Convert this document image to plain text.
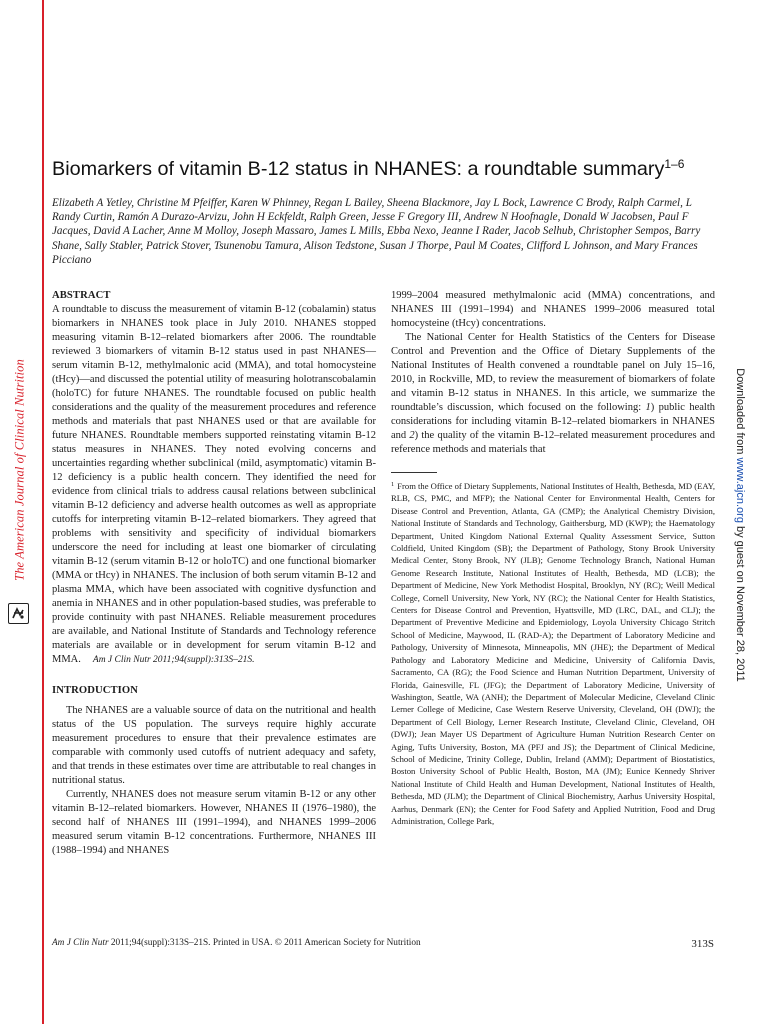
The American Journal of Clinical Nutrition	Downloaded from www.ajcn.org by guest on November 28, 2011
Biomarkers of vitamin B-12 status in NHANES: a roundtable summary$^{1-6}$
Elizabeth A Yetley, Christine M Pfeiffer, Karen W Phinney, Regan L Bailey, Sheena Blackmore, Jay L Bock, Lawrence C Brody, Ralph Carmel, L Randy Curtin, Ramón A Durazo-Arvizu, John H Eckfeldt, Ralph Green, Jesse F Gregory III, Andrew N Hoofnagle, Donald W Jacobsen, Paul F Jacques, David A Lacher, Anne M Molloy, Joseph Massaro, James L Mills, Ebba Nexo, Jeanne I Rader, Jacob Selhub, Christopher Sempos, Barry Shane, Sally Stabler, Patrick Stover, Tsunenobu Tamura, Alison Tedstone, Susan J Thorpe, Paul M Coates, Clifford L Johnson, and Mary Frances Picciano
ABSTRACT

A roundtable to discuss the measurement of vitamin B-12 (cobalamin) status biomarkers in NHANES took place in July 2010. NHANES stopped measuring vitamin B-12–related biomarkers after 2006. The roundtable reviewed 3 biomarkers of vitamin B-12 status used in past NHANES—serum vitamin B-12, methylmalonic acid (MMA), and total homocysteine (tHcy)—and discussed the potential utility of measuring holotranscobalamin (holoTC) for future NHANES. The roundtable focused on public health considerations and the quality of the measurement procedures and reference methods and materials that past NHANES used or that are available for future NHANES. Roundtable members supported reinstating vitamin B-12 status measures in NHANES. They noted evolving concerns and uncertainties regarding whether subclinical (mild, asymptomatic) vitamin B-12 deficiency is a public health concern. They identified the need for evidence from clinical trials to address causal relations between subclinical vitamin B-12 deficiency and adverse health outcomes as well as appropriate cutoffs for interpreting vitamin B-12–related biomarkers. They agreed that problems with sensitivity and specificity of individual biomarkers underscore the need for including at least one biomarker of circulating vitamin B-12 (serum vitamin B-12 or holoTC) and one functional biomarker (MMA or tHcy) in NHANES. The inclusion of both serum vitamin B-12 and plasma MMA, which have been associated with cognitive dysfunction and anemia in NHANES and in other population-based studies, was preferable to provide continuity with past NHANES. Reliable measurement procedures are available, and National Institute of Standards and Technology reference materials are available or in development for serum vitamin B-12 and MMA. Am J Clin Nutr 2011;94(suppl):313S–21S.

INTRODUCTION

The NHANES are a valuable source of data on the nutritional and health status of the US population. The surveys require highly accurate measurement procedures to ensure that their prevalence estimates are comparable with commonly used cutoffs of nutrient adequacy and safety, and that trends in these estimates over time are attributable to real changes in nutritional status.

Currently, NHANES does not measure serum vitamin B-12 or any other vitamin B-12–related biomarkers. However, NHANES II (1976–1980), the second half of NHANES III (1991–1994), and NHANES 1999–2006 measured serum vitamin B-12 concentrations. Furthermore, NHANES III (1988–1994) and NHANES

1999–2004 measured methylmalonic acid (MMA) concentrations, and NHANES III (1991–1994) and NHANES 1999–2006 measured total homocysteine (tHcy) concentrations.

The National Center for Health Statistics of the Centers for Disease Control and Prevention and the Office of Dietary Supplements of the National Institutes of Health convened a roundtable panel on July 15–16, 2010, in Rockville, MD, to review the measurement of biomarkers of folate and vitamin B-12 status in NHANES. In this article, we summarize the roundtable’s discussion, which focused on the following: 1) public health considerations for including vitamin B-12–related biomarkers in NHANES and 2) the quality of the vitamin B-12–related measurement procedures and reference methods and materials that

$^1$ From the Office of Dietary Supplements, National Institutes of Health, Bethesda, MD (EAY, RLB, CS, PMC, and MFP); the National Center for Environmental Health, Centers for Disease Control and Prevention, Atlanta, GA (CMP); the Analytical Chemistry Division, National Institute of Standards and Technology, Gaithersburg, MD (KWP); the Haematology Department, United Kingdom National External Quality Assessment Service, Sutton Coldfield, United Kingdom (SB); the Department of Pathology, Stony Brook University Medical Center, Stony Brook, NY (JLB); Genome Technology Branch, National Human Genome Research Institute, National Institutes of Health, Bethesda, MD (LCB); the Department of Medicine, New York Methodist Hospital, Brooklyn, NY (RC); Weill Medical College, Cornell University, New York, NY (RC); the National Center for Health Statistics, Centers for Disease Control and Prevention, Hyattsville, MD (LRC, DAL, and CLJ); the Department of Preventive Medicine and Epidemiology, Loyola University Chicago Stritch School of Medicine, Maywood, IL (RAD-A); the Department of Laboratory Medicine and Pathology, University of Minnesota, Minneapolis, MN (JHE); the Department of Medical Pathology and Laboratory Medicine and Medicine, University of California Davis, Sacramento, CA (RG); the Food Science and Human Nutrition Department, University of Florida, Gainesville, FL (JFG); the Department of Laboratory Medicine, University of Washington, Seattle, WA (ANH); the Department of Molecular Medicine, Cleveland Clinic Lerner College of Medicine, Case Western Reserve University, Cleveland, OH (DWJ); the Department of Cell Biology, Lerner Research Institute, Cleveland Clinic, Cleveland, OH (DWJ); Jean Mayer US Department of Agriculture Human Nutrition Research Center on Aging, Tufts University, Boston, MA (PFJ and JS); the Department of Clinical Medicine, School of Medicine, Trinity College, Dublin, Ireland (AMM); Department of Biostatistics, Boston University School of Public Health, Boston, MA (JM); Eunice Kennedy Shriver National Institute of Child Health and Human Development, National Institutes of Health, Bethesda, MD (JLM); the Department of Clinical Biochemistry, Aarhus University Hospital, Aarhus, Denmark (EN); the Center for Food Safety and Applied Nutrition, Food and Drug Administration, College Park,

Am J Clin Nutr 2011;94(suppl):313S–21S. Printed in USA. © 2011 American Society for Nutrition	313S
